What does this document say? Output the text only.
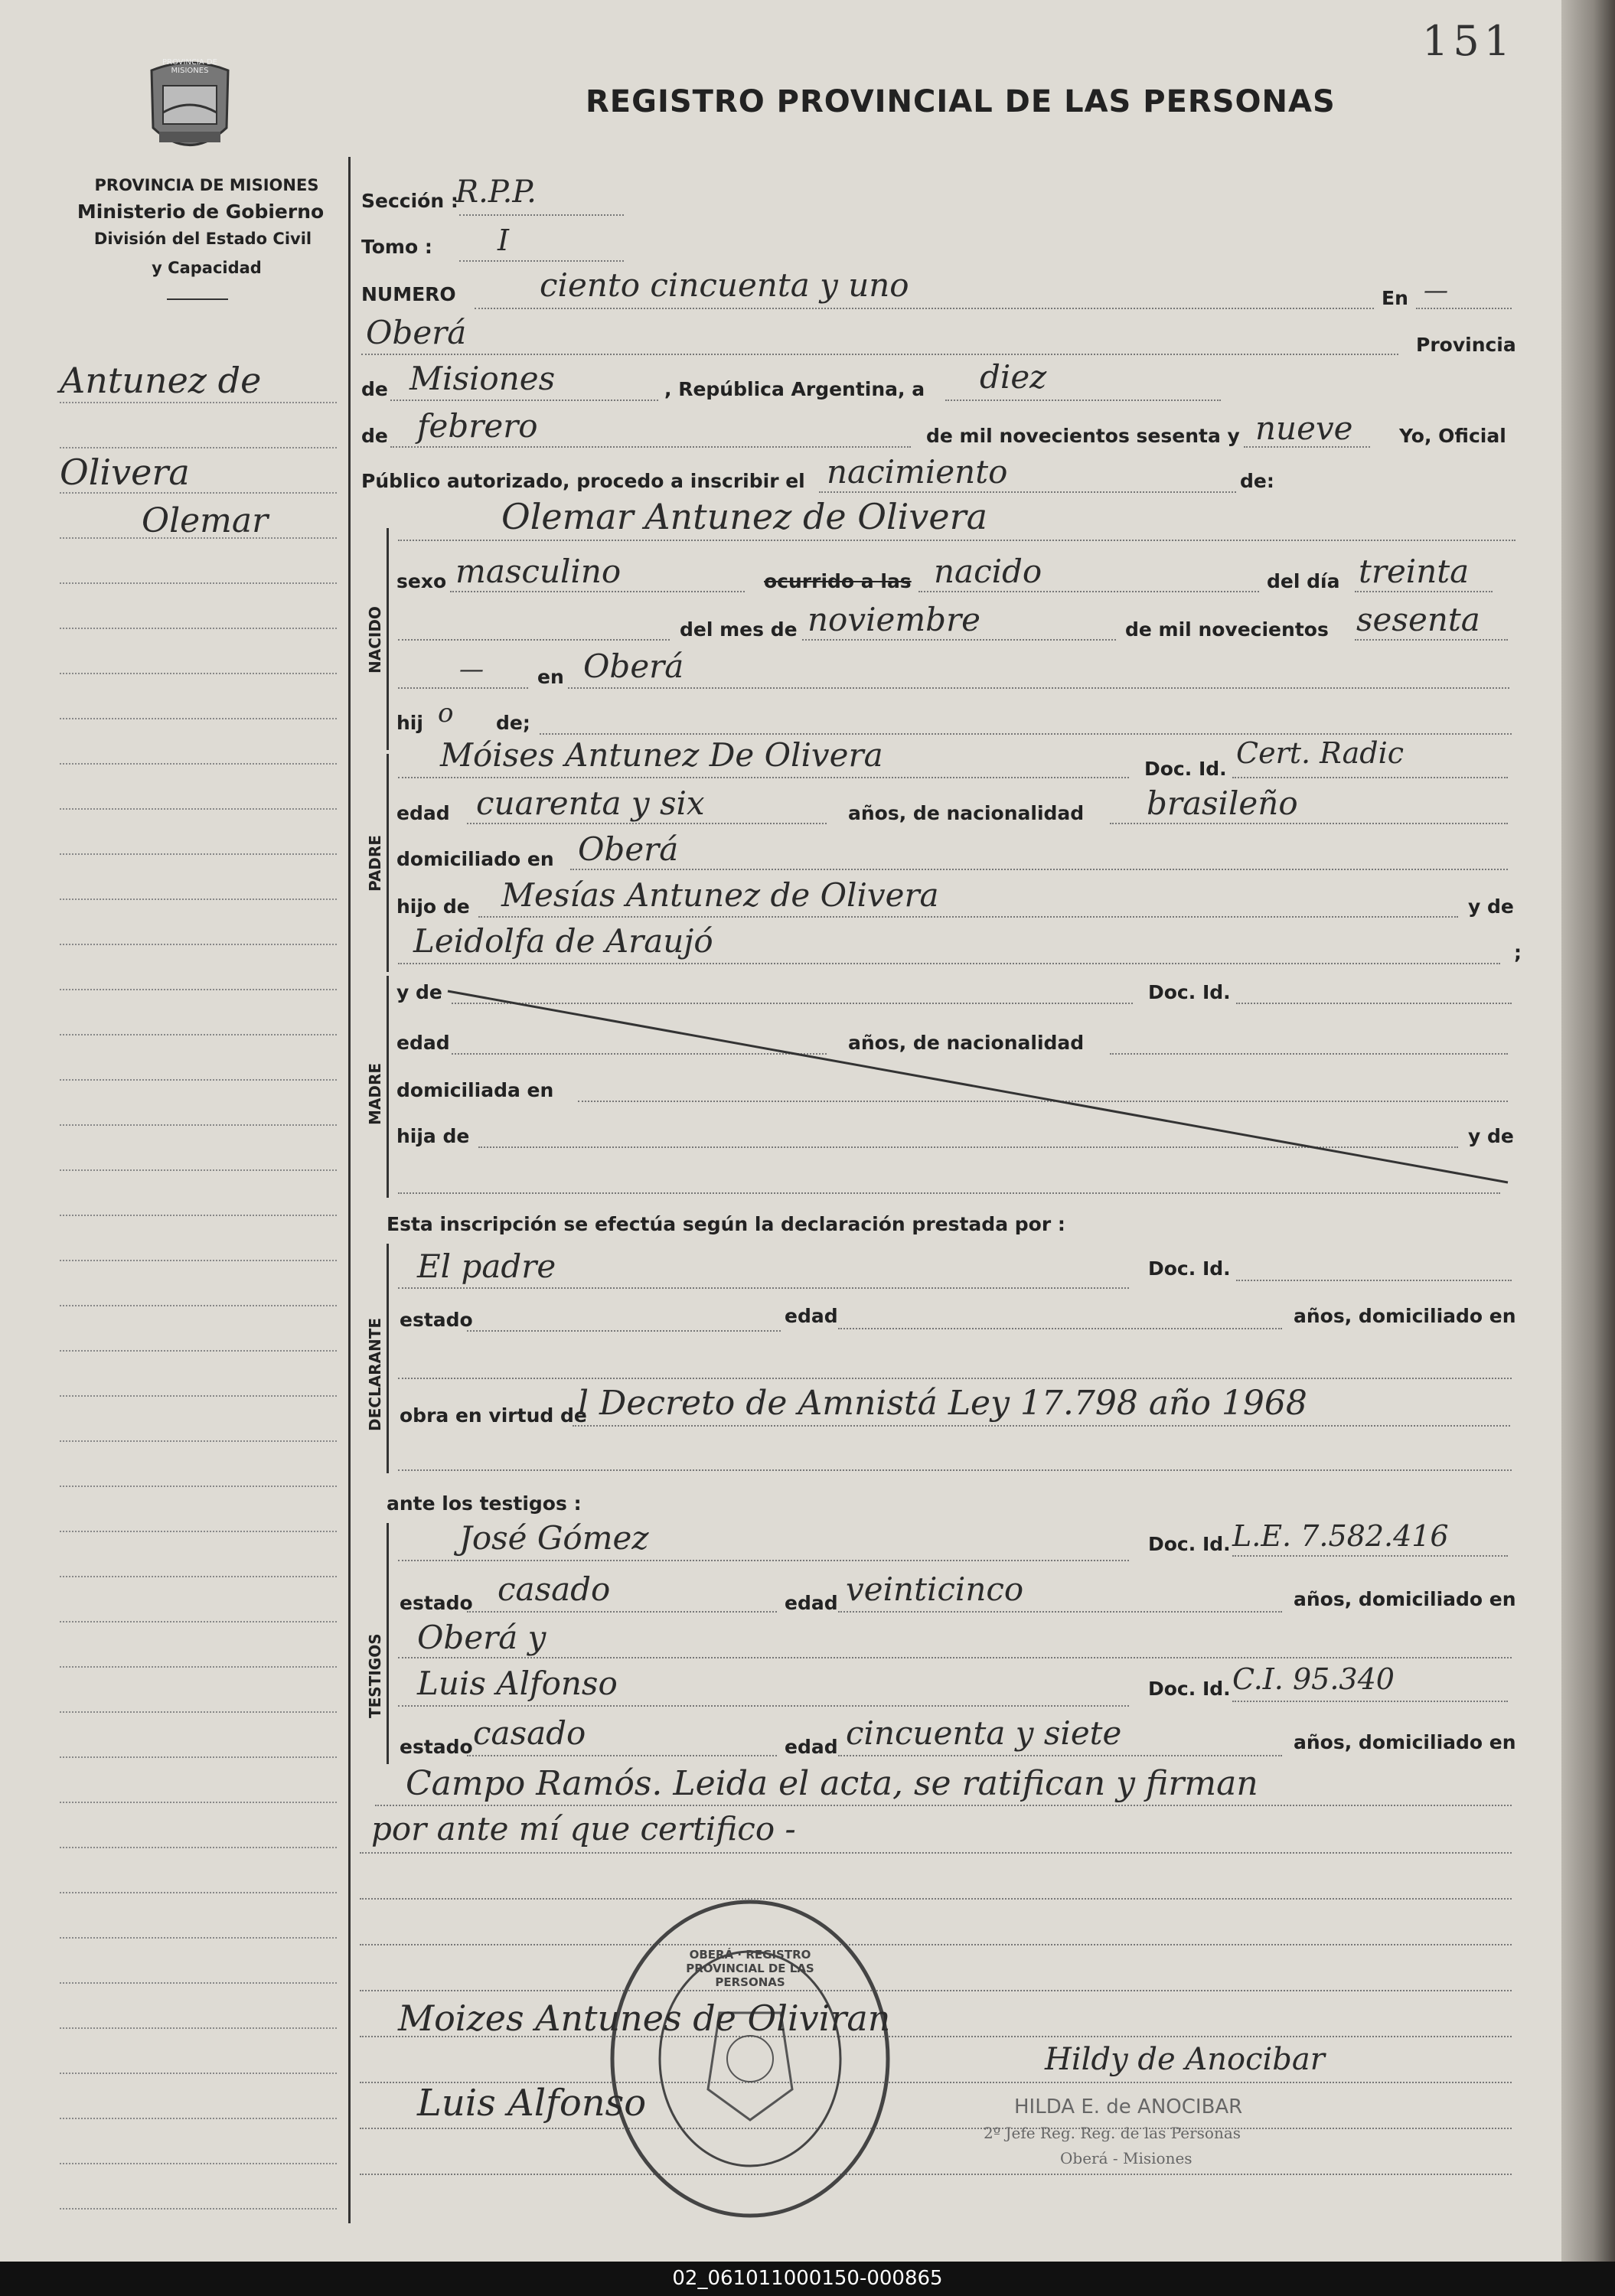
151
REGISTRO PROVINCIAL DE LAS PERSONAS
PROVINCIA DE MISIONES
PROVINCIA DE MISIONES
Ministerio de Gobierno
División del Estado Civil
y Capacidad
Antunez de
Olivera
Olemar
Sección :
R.P.P.
Tomo : I
NUMERO	ciento cincuenta y uno	En —
Oberá	Provincia
de Misiones	, República Argentina, a diez
de febrero	de mil novecientos sesenta y nueve Yo, Oficial
Público autorizado, procedo a inscribir el nacimiento	de:
NACIDO
Olemar Antunez de Olivera
sexo masculino	ocurrido a las nacido	del día treinta
del mes de noviembre	de mil novecientos sesenta
—	en Oberá
hij o de;
PADRE
Móises Antunez De Olivera	Doc. Id. Cert. Radic
edad cuarenta y six	años, de nacionalidad brasileño
domiciliado en Oberá
hijo de Mesías Antunez de Olivera	y de
Leidolfa de Araujó	;
MADRE
y de	Doc. Id.
edad	años, de nacionalidad
domiciliada en
hija de	y de
Esta inscripción se efectúa según la declaración prestada por :
DECLARANTE
El padre	Doc. Id.
estado	edad	años, domiciliado en
obra en virtud de
l Decreto de Amnistá Ley 17.798 año 1968
ante los testigos :
TESTIGOS
José Gómez	Doc. Id. L.E. 7.582.416
estado casado	edad veinticinco	años, domiciliado en
Oberá y
Luis Alfonso	Doc. Id. C.I. 95.340
estado casado	edad cincuenta y siete	años, domiciliado en
Campo Ramós. Leida el acta, se ratifican y firman
por ante mí que certifico -
OBERÁ · REGISTRO PROVINCIAL DE LAS PERSONAS
Moizes Antunes de Oliviran
Hildy de Anocibar
Luis Alfonso	HILDA E. de ANOCIBAR
2º Jefe Reg. Reg. de las Personas
Oberá - Misiones
02_061011000150-000865
